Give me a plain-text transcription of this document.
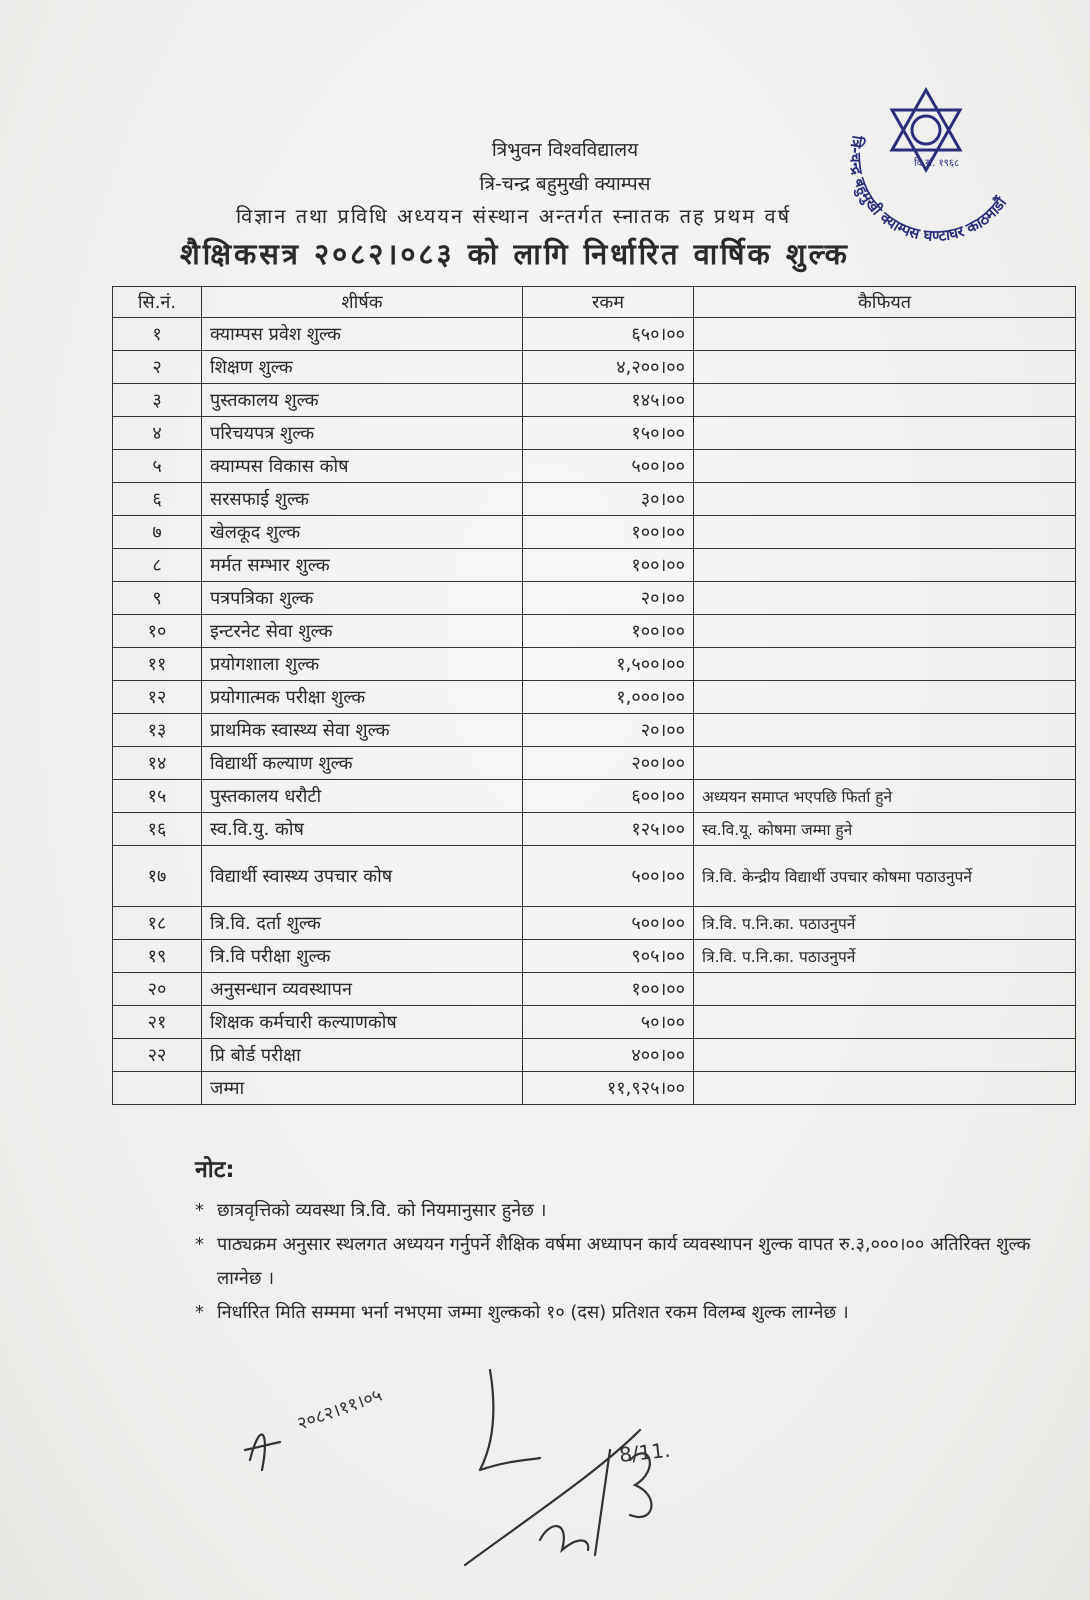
त्रिभुवन विश्वविद्यालय
त्रि-चन्द्र बहुमुखी क्याम्पस
विज्ञान तथा प्रविधि अध्ययन संस्थान अन्तर्गत स्नातक तह प्रथम वर्ष
शैक्षिकसत्र २०८२।०८३ को लागि निर्धारित वार्षिक शुल्क
वि.सं. १९६८
त्रि-चन्द्र बहुमुखी क्याम्पस घण्टाघर काठमाडौं
सि.नं.	शीर्षक	रकम	कैफियत
१	क्याम्पस प्रवेश शुल्क	६५०।००	
२	शिक्षण शुल्क	४,२००।००	
३	पुस्तकालय शुल्क	१४५।००	
४	परिचयपत्र शुल्क	१५०।००	
५	क्याम्पस विकास कोष	५००।००	
६	सरसफाई शुल्क	३०।००	
७	खेलकूद शुल्क	१००।००	
८	मर्मत सम्भार शुल्क	१००।००	
९	पत्रपत्रिका शुल्क	२०।००	
१०	इन्टरनेट सेवा शुल्क	१००।००	
११	प्रयोगशाला शुल्क	१,५००।००	
१२	प्रयोगात्मक परीक्षा शुल्क	१,०००।००	
१३	प्राथमिक स्वास्थ्य सेवा शुल्क	२०।००	
१४	विद्यार्थी कल्याण शुल्क	२००।००	
१५	पुस्तकालय धरौटी	६००।००	अध्ययन समाप्त भएपछि फिर्ता हुने
१६	स्व.वि.यु. कोष	१२५।००	स्व.वि.यू. कोषमा जम्मा हुने
१७	विद्यार्थी स्वास्थ्य उपचार कोष	५००।००	त्रि.वि. केन्द्रीय विद्यार्थी उपचार कोषमा पठाउनुपर्ने
१८	त्रि.वि. दर्ता शुल्क	५००।००	त्रि.वि. प.नि.का. पठाउनुपर्ने
१९	त्रि.वि परीक्षा शुल्क	९०५।००	त्रि.वि. प.नि.का. पठाउनुपर्ने
२०	अनुसन्धान व्यवस्थापन	१००।००	
२१	शिक्षक कर्मचारी कल्याणकोष	५०।००	
२२	प्रि बोर्ड परीक्षा	४००।००	
	जम्मा	११,९२५।००	
नोट:
* छात्रवृत्तिको व्यवस्था त्रि.वि. को नियमानुसार हुनेछ ।
* पाठ्यक्रम अनुसार स्थलगत अध्ययन गर्नुपर्ने शैक्षिक वर्षमा अध्यापन कार्य व्यवस्थापन शुल्क वापत रु.३,०००।०० अतिरिक्त शुल्क लाग्नेछ ।
* निर्धारित मिति सम्ममा भर्ना नभएमा जम्मा शुल्कको १० (दस) प्रतिशत रकम विलम्ब शुल्क लाग्नेछ ।
२०८२।११।०५
8/11.
